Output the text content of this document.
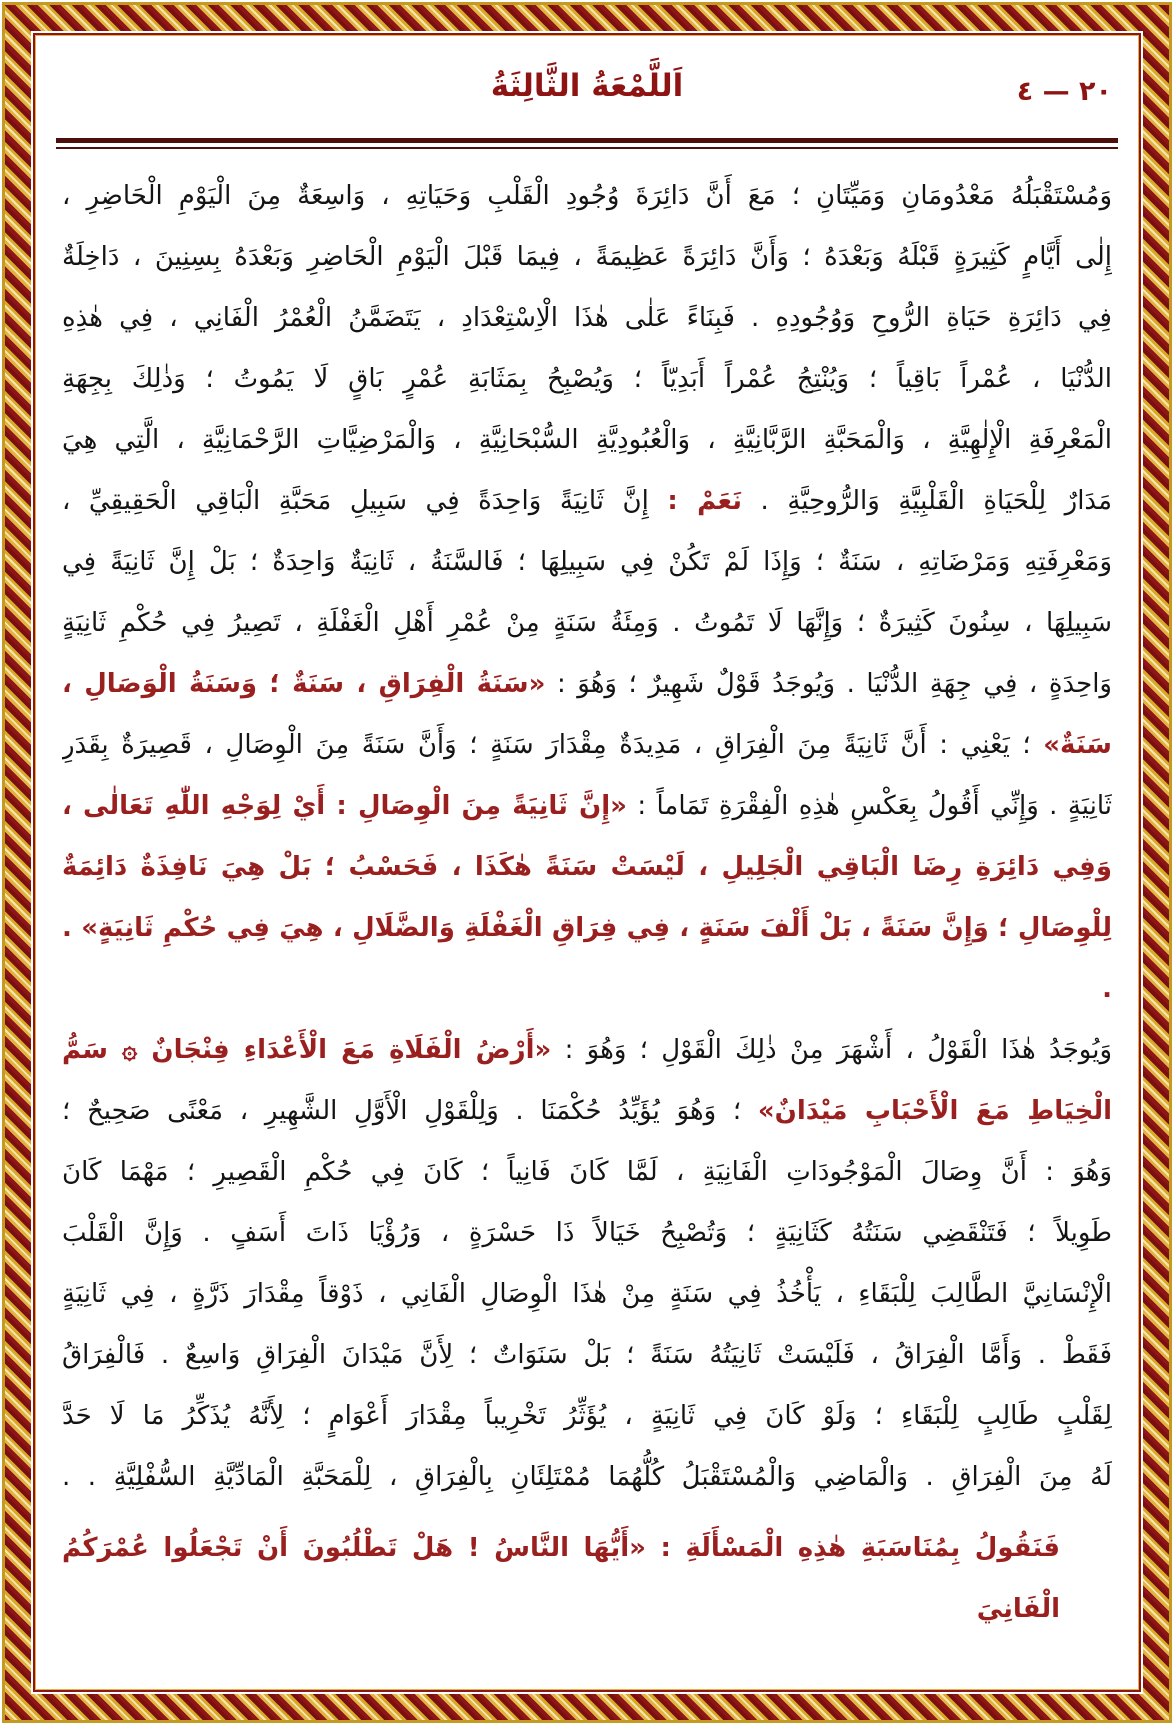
٢٠ — ٤
اَللَّمْعَةُ الثَّالِثَةُ
وَمُسْتَقْبَلُهُ مَعْدُومَانِ وَمَيِّتَانِ ؛ مَعَ أَنَّ دَائِرَةَ وُجُودِ الْقَلْبِ وَحَيَاتِهِ ، وَاسِعَةٌ مِنَ الْيَوْمِ الْحَاضِرِ ،
إِلٰى أَيَّامٍ كَثِيرَةٍ قَبْلَهُ وَبَعْدَهُ ؛ وَأَنَّ دَائِرَةً عَظِيمَةً ، فِيمَا قَبْلَ الْيَوْمِ الْحَاضِرِ وَبَعْدَهُ بِسِنِينَ ، دَاخِلَةٌ
فِي دَائِرَةِ حَيَاةِ الرُّوحِ وَوُجُودِهِ . فَبِنَاءً عَلٰى هٰذَا الْاِسْتِعْدَادِ ، يَتَضَمَّنُ الْعُمْرُ الْفَانِي ، فِي هٰذِهِ
الدُّنْيَا ، عُمْراً بَاقِياً ؛ وَيُنْتِجُ عُمْراً أَبَدِيّاً ؛ وَيُصْبِحُ بِمَثَابَةِ عُمْرٍ بَاقٍ لَا يَمُوتُ ؛ وَذٰلِكَ بِجِهَةِ
الْمَعْرِفَةِ الْإِلٰهِيَّةِ ، وَالْمَحَبَّةِ الرَّبَّانِيَّةِ ، وَالْعُبُودِيَّةِ السُّبْحَانِيَّةِ ، وَالْمَرْضِيَّاتِ الرَّحْمَانِيَّةِ ، الَّتِي هِيَ
مَدَارٌ لِلْحَيَاةِ الْقَلْبِيَّةِ وَالرُّوحِيَّةِ . نَعَمْ : إِنَّ ثَانِيَةً وَاحِدَةً فِي سَبِيلِ مَحَبَّةِ الْبَاقِي الْحَقِيقِيِّ ،
وَمَعْرِفَتِهِ وَمَرْضَاتِهِ ، سَنَةٌ ؛ وَإِذَا لَمْ تَكُنْ فِي سَبِيلِهَا ؛ فَالسَّنَةُ ، ثَانِيَةٌ وَاحِدَةٌ ؛ بَلْ إِنَّ ثَانِيَةً فِي
سَبِيلِهَا ، سِنُونَ كَثِيرَةٌ ؛ وَإِنَّهَا لَا تَمُوتُ . وَمِئَةُ سَنَةٍ مِنْ عُمْرِ أَهْلِ الْغَفْلَةِ ، تَصِيرُ فِي حُكْمِ ثَانِيَةٍ
وَاحِدَةٍ ، فِي جِهَةِ الدُّنْيَا . وَيُوجَدُ قَوْلٌ شَهِيرٌ ؛ وَهُوَ : «سَنَةُ الْفِرَاقِ ، سَنَةٌ ؛ وَسَنَةُ الْوَصَالِ ،
سَنَةٌ» ؛ يَعْنِي : أَنَّ ثَانِيَةً مِنَ الْفِرَاقِ ، مَدِيدَةٌ مِقْدَارَ سَنَةٍ ؛ وَأَنَّ سَنَةً مِنَ الْوِصَالِ ، قَصِيرَةٌ بِقَدَرِ
ثَانِيَةٍ . وَإِنِّي أَقُولُ بِعَكْسِ هٰذِهِ الْفِقْرَةِ تَمَاماً : «إِنَّ ثَانِيَةً مِنَ الْوِصَالِ : أَيْ لِوَجْهِ اللّٰهِ تَعَالٰى ،
وَفِي دَائِرَةِ رِضَا الْبَاقِي الْجَلِيلِ ، لَيْسَتْ سَنَةً هٰكَذَا ، فَحَسْبُ ؛ بَلْ هِيَ نَافِذَةٌ دَائِمَةٌ
لِلْوِصَالِ ؛ وَإِنَّ سَنَةً ، بَلْ أَلْفَ سَنَةٍ ، فِي فِرَاقِ الْغَفْلَةِ وَالضَّلَالِ ، هِيَ فِي حُكْمِ ثَانِيَةٍ» . .
وَيُوجَدُ هٰذَا الْقَوْلُ ، أَشْهَرَ مِنْ ذٰلِكَ الْقَوْلِ ؛ وَهُوَ : «أَرْضُ الْفَلَاةِ مَعَ الْأَعْدَاءِ فِنْجَانٌ ۞ سَمُّ
الْخِيَاطِ مَعَ الْأَحْبَابِ مَيْدَانٌ» ؛ وَهُوَ يُؤَيِّدُ حُكْمَنَا . وَلِلْقَوْلِ الْأَوَّلِ الشَّهِيرِ ، مَعْنًى صَحِيحٌ ؛
وَهُوَ : أَنَّ وِصَالَ الْمَوْجُودَاتِ الْفَانِيَةِ ، لَمَّا كَانَ فَانِياً ؛ كَانَ فِي حُكْمِ الْقَصِيرِ ؛ مَهْمَا كَانَ
طَوِيلاً ؛ فَتَنْقَضِي سَنَتُهُ كَثَانِيَةٍ ؛ وَتُصْبِحُ خَيَالاً ذَا حَسْرَةٍ ، وَرُؤْيَا ذَاتَ أَسَفٍ . وَإِنَّ الْقَلْبَ
الْإِنْسَانِيَّ الطَّالِبَ لِلْبَقَاءِ ، يَأْخُذُ فِي سَنَةٍ مِنْ هٰذَا الْوِصَالِ الْفَانِي ، ذَوْقاً مِقْدَارَ ذَرَّةٍ ، فِي ثَانِيَةٍ
فَقَطْ . وَأَمَّا الْفِرَاقُ ، فَلَيْسَتْ ثَانِيَتُهُ سَنَةً ؛ بَلْ سَنَوَاتٌ ؛ لِأَنَّ مَيْدَانَ الْفِرَاقِ وَاسِعٌ . فَالْفِرَاقُ
لِقَلْبٍ طَالِبٍ لِلْبَقَاءِ ؛ وَلَوْ كَانَ فِي ثَانِيَةٍ ، يُؤَثِّرُ تَخْرِيباً مِقْدَارَ أَعْوَامٍ ؛ لِأَنَّهُ يُذَكِّرُ مَا لَا حَدَّ
لَهُ مِنَ الْفِرَاقِ . وَالْمَاضِي وَالْمُسْتَقْبَلُ كُلُّهُمَا مُمْتَلِئَانِ بِالْفِرَاقِ ، لِلْمَحَبَّةِ الْمَادِّيَّةِ السُّفْلِيَّةِ . .
فَنَقُولُ بِمُنَاسَبَةِ هٰذِهِ الْمَسْأَلَةِ : «أَيُّهَا النَّاسُ ! هَلْ تَطْلُبُونَ أَنْ تَجْعَلُوا عُمْرَكُمُ الْفَانِيَ
